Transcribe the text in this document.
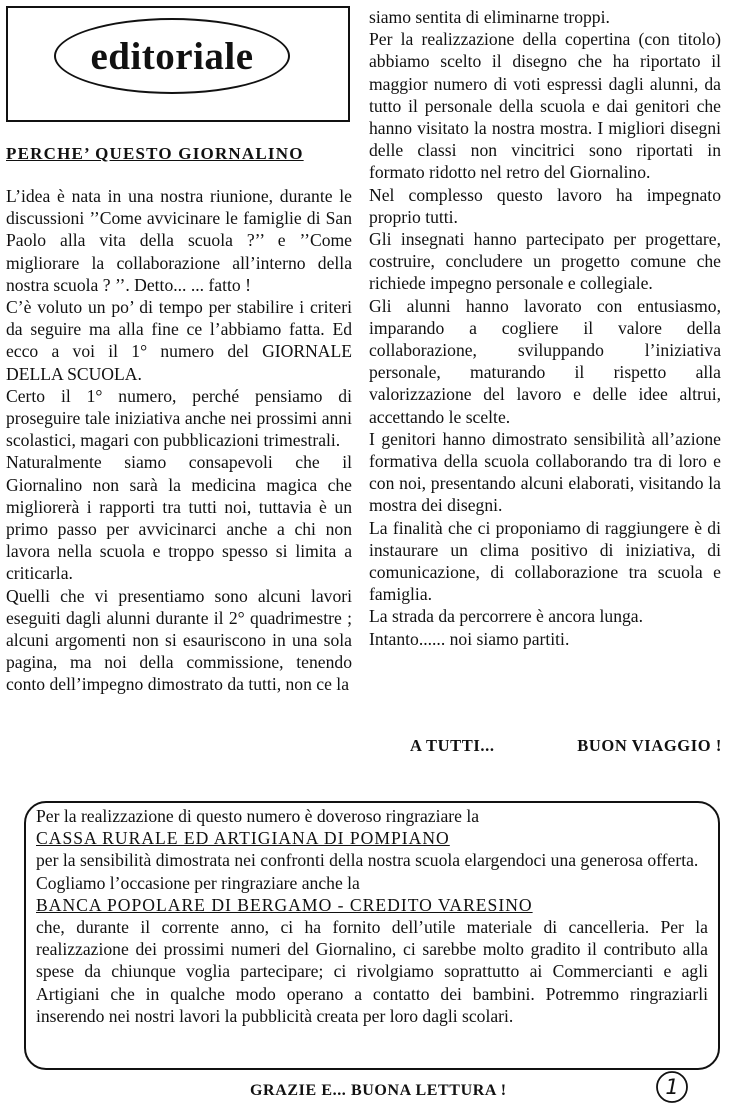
editoriale
PERCHE’ QUESTO GIORNALINO

L’idea è nata in una nostra riunione, durante le discussioni ’’Come avvicinare le famiglie di San Paolo alla vita della scuola ?’’ e ’’Come migliorare la collaborazione all’interno della nostra scuola ? ’’. Detto... ... fatto !

C’è voluto un po’ di tempo per stabilire i criteri da seguire ma alla fine ce l’abbiamo fatta. Ed ecco a voi il 1° numero del GIORNALE DELLA SCUOLA.

Certo il 1° numero, perché pensiamo di proseguire tale iniziativa anche nei prossimi anni scolastici, magari con pubblicazioni trimestrali.

Naturalmente siamo consapevoli che il Giornalino non sarà la medicina magica che migliorerà i rapporti tra tutti noi, tuttavia è un primo passo per avvicinarci anche a chi non lavora nella scuola e troppo spesso si limita a criticarla.

Quelli che vi presentiamo sono alcuni lavori eseguiti dagli alunni durante il 2° quadrimestre ; alcuni argomenti non si esauriscono in una sola pagina, ma noi della commissione, tenendo conto dell’impegno dimostrato da tutti, non ce la

siamo sentita di eliminarne troppi.

Per la realizzazione della copertina (con titolo) abbiamo scelto il disegno che ha riportato il maggior numero di voti espressi dagli alunni, da tutto il personale della scuola e dai genitori che hanno visitato la nostra mostra. I migliori disegni delle classi non vincitrici sono riportati in formato ridotto nel retro del Giornalino.

Nel complesso questo lavoro ha impegnato proprio tutti.

Gli insegnati hanno partecipato per progettare, costruire, concludere un progetto comune che richiede impegno personale e collegiale.

Gli alunni hanno lavorato con entusiasmo, imparando a cogliere il valore della collaborazione, sviluppando l’iniziativa personale, maturando il rispetto alla valorizzazione del lavoro e delle idee altrui, accettando le scelte.

I genitori hanno dimostrato sensibilità all’azione formativa della scuola collaborando tra di loro e con noi, presentando alcuni elaborati, visitando la mostra dei disegni.

La finalità che ci proponiamo di raggiungere è di instaurare un clima positivo di iniziativa, di comunicazione, di collaborazione tra scuola e famiglia.

La strada da percorrere è ancora lunga.

Intanto...... noi siamo partiti.

A TUTTI...	BUON VIAGGIO !

Per la realizzazione di questo numero è doveroso ringraziare la

CASSA RURALE ED ARTIGIANA DI POMPIANO

per la sensibilità dimostrata nei confronti della nostra scuola elargendoci una generosa offerta.

Cogliamo l’occasione per ringraziare anche la

BANCA POPOLARE DI BERGAMO - CREDITO VARESINO

che, durante il corrente anno, ci ha fornito dell’utile materiale di cancelleria. Per la realizzazione dei prossimi numeri del Giornalino, ci sarebbe molto gradito il contributo alla spese da chiunque voglia partecipare; ci rivolgiamo soprattutto ai Commercianti e agli Artigiani che in qualche modo operano a contatto dei bambini. Potremmo ringraziarli inserendo nei nostri lavori la pubblicità creata per loro dagli scolari.

GRAZIE E... BUONA LETTURA !	1
